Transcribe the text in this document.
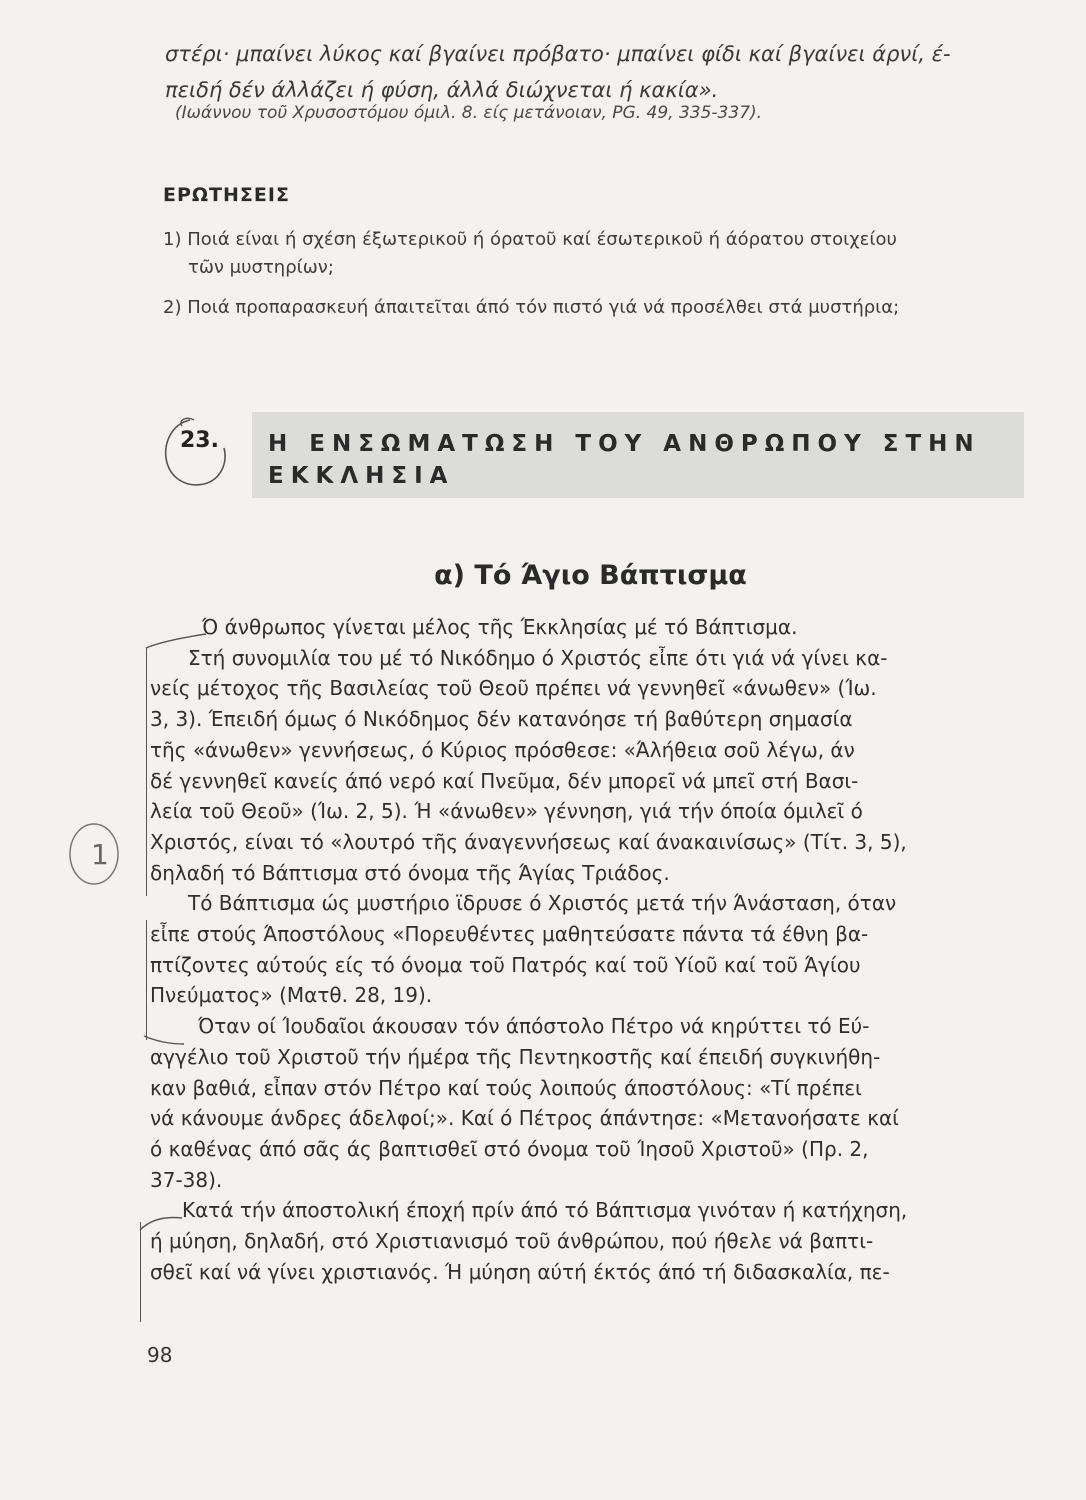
στέρι· μπαίνει λύκος καί βγαίνει πρόβατο· μπαίνει φίδι καί βγαίνει άρνί, έ-
πειδή δέν άλλάζει ή φύση, άλλά διώχνεται ή κακία».
(Ιωάννου τοῦ Χρυσοστόμου όμιλ. 8. είς μετάνοιαν, PG. 49, 335-337).
ΕΡΩΤΗΣΕΙΣ
1) Ποιά είναι ή σχέση έξωτερικοῦ ή όρατοῦ καί έσωτερικοῦ ή άόρατου στοιχείου
τῶν μυστηρίων;
2) Ποιά προπαρασκευή άπαιτεῖται άπό τόν πιστό γιά νά προσέλθει στά μυστήρια;
23. Η ΕΝΣΩΜΑΤΩΣΗ ΤΟΥ ΑΝΘΡΩΠΟΥ ΣΤΗΝ
ΕΚΚΛΗΣΙΑ
α) Τό Άγιο Βάπτισμα
Ό άνθρωπος γίνεται μέλος τῆς Έκκλησίας μέ τό Βάπτισμα.
Στή συνομιλία του μέ τό Νικόδημο ό Χριστός εἶπε ότι γιά νά γίνει κα-
νείς μέτοχος τῆς Βασιλείας τοῦ Θεοῦ πρέπει νά γεννηθεῖ «άνωθεν» (Ίω.
3, 3). Έπειδή όμως ό Νικόδημος δέν κατανόησε τή βαθύτερη σημασία
τῆς «άνωθεν» γεννήσεως, ό Κύριος πρόσθεσε: «Άλήθεια σοῦ λέγω, άν
δέ γεννηθεῖ κανείς άπό νερό καί Πνεῦμα, δέν μπορεῖ νά μπεῖ στή Βασι-
λεία τοῦ Θεοῦ» (Ίω. 2, 5). Ή «άνωθεν» γέννηση, γιά τήν όποία όμιλεῖ ό
Χριστός, είναι τό «λουτρό τῆς άναγεννήσεως καί άνακαινίσως» (Τίτ. 3, 5),
δηλαδή τό Βάπτισμα στό όνομα τῆς Άγίας Τριάδος.
Τό Βάπτισμα ώς μυστήριο ϊδρυσε ό Χριστός μετά τήν Άνάσταση, όταν
εἶπε στούς Άποστόλους «Πορευθέντες μαθητεύσατε πάντα τά έθνη βα-
πτίζοντες αύτούς είς τό όνομα τοῦ Πατρός καί τοῦ Υίοῦ καί τοῦ Άγίου
Πνεύματος» (Ματθ. 28, 19).
Όταν οί Ίουδαῖοι άκουσαν τόν άπόστολο Πέτρο νά κηρύττει τό Εύ-
αγγέλιο τοῦ Χριστοῦ τήν ήμέρα τῆς Πεντηκοστῆς καί έπειδή συγκινήθη-
καν βαθιά, εἶπαν στόν Πέτρο καί τούς λοιπούς άποστόλους: «Τί πρέπει
νά κάνουμε άνδρες άδελφοί;». Καί ό Πέτρος άπάντησε: «Μετανοήσατε καί
ό καθένας άπό σᾶς άς βαπτισθεῖ στό όνομα τοῦ Ίησοῦ Χριστοῦ» (Πρ. 2,
37-38).
Κατά τήν άποστολική έποχή πρίν άπό τό Βάπτισμα γινόταν ή κατήχηση,
ή μύηση, δηλαδή, στό Χριστιανισμό τοῦ άνθρώπου, πού ήθελε νά βαπτι-
σθεῖ καί νά γίνει χριστιανός. Ή μύηση αύτή έκτός άπό τή διδασκαλία, πε-
1
98
